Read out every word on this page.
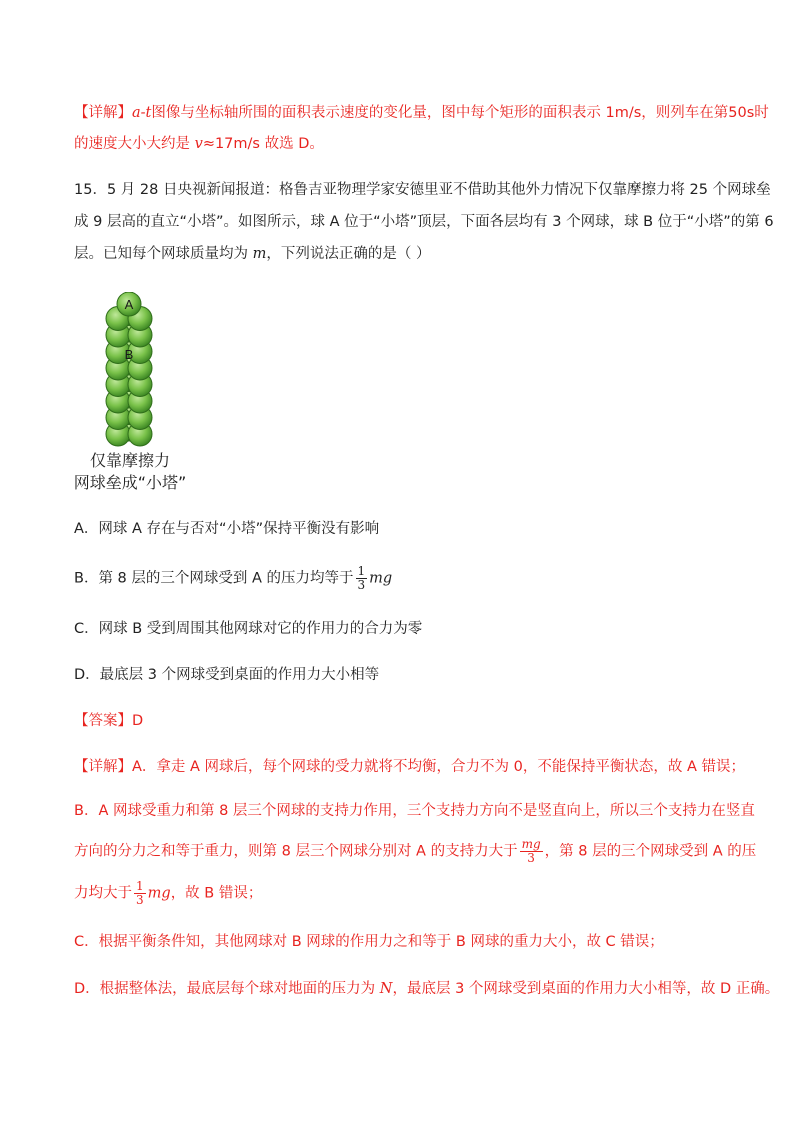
【详解】a-t图像与坐标轴所围的面积表示速度的变化量，图中每个矩形的面积表示 1m/s，则列车在第50s时
的速度大小大约是 v≈17m/s 故选 D。
15．5 月 28 日央视新闻报道：格鲁吉亚物理学家安德里亚不借助其他外力情况下仅靠摩擦力将 25 个网球垒
成 9 层高的直立“小塔”。如图所示，球 A 位于“小塔”顶层，下面各层均有 3 个网球，球 B 位于“小塔”的第 6
层。已知每个网球质量均为 m，下列说法正确的是（ ）
A
B
仅靠摩擦力
网球垒成“小塔”
A．网球 A 存在与否对“小塔”保持平衡没有影响
B．第 8 层的三个网球受到 A 的压力均等于 $\frac{1}{3}$ mg
C．网球 B 受到周围其他网球对它的作用力的合力为零
D．最底层 3 个网球受到桌面的作用力大小相等
【答案】D
【详解】A．拿走 A 网球后，每个网球的受力就将不均衡，合力不为 0，不能保持平衡状态，故 A 错误；
B．A 网球受重力和第 8 层三个网球的支持力作用，三个支持力方向不是竖直向上，所以三个支持力在竖直
方向的分力之和等于重力，则第 8 层三个网球分别对 A 的支持力大于 $\frac{mg}{3}$ ，第 8 层的三个网球受到 A 的压
力均大于 $\frac{1}{3}$ mg，故 B 错误；
C．根据平衡条件知，其他网球对 B 网球的作用力之和等于 B 网球的重力大小，故 C 错误；
D．根据整体法，最底层每个球对地面的压力为 N，最底层 3 个网球受到桌面的作用力大小相等，故 D 正确。
